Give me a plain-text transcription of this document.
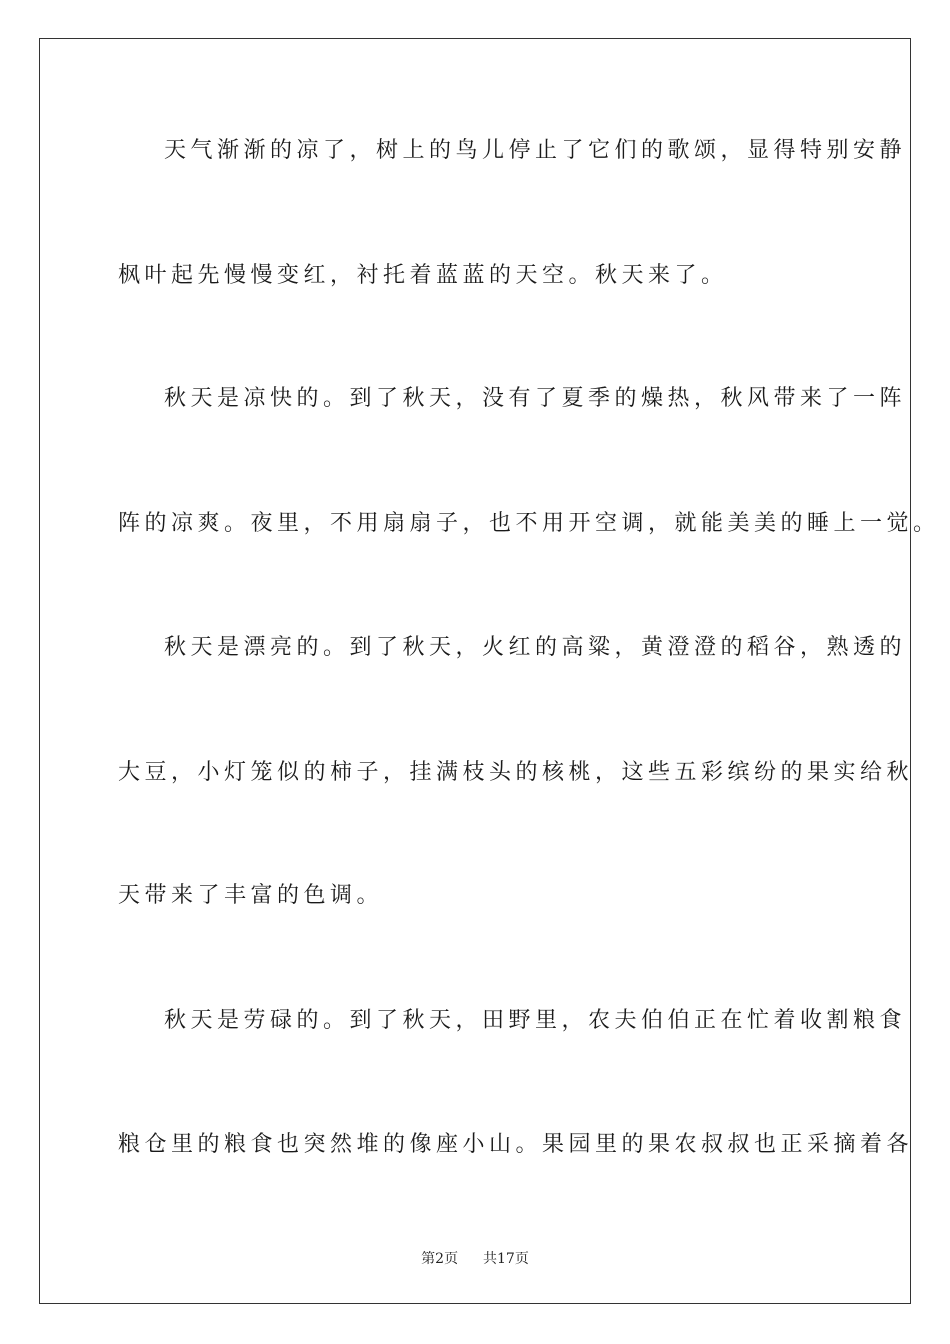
天气渐渐的凉了，树上的鸟儿停止了它们的歌颂，显得特别安静
枫叶起先慢慢变红，衬托着蓝蓝的天空。秋天来了。
秋天是凉快的。到了秋天，没有了夏季的燥热，秋风带来了一阵
阵的凉爽。夜里，不用扇扇子，也不用开空调，就能美美的睡上一觉。
秋天是漂亮的。到了秋天，火红的高粱，黄澄澄的稻谷，熟透的
大豆，小灯笼似的柿子，挂满枝头的核桃，这些五彩缤纷的果实给秋
天带来了丰富的色调。
秋天是劳碌的。到了秋天，田野里，农夫伯伯正在忙着收割粮食
粮仓里的粮食也突然堆的像座小山。果园里的果农叔叔也正采摘着各
第2页 共17页
